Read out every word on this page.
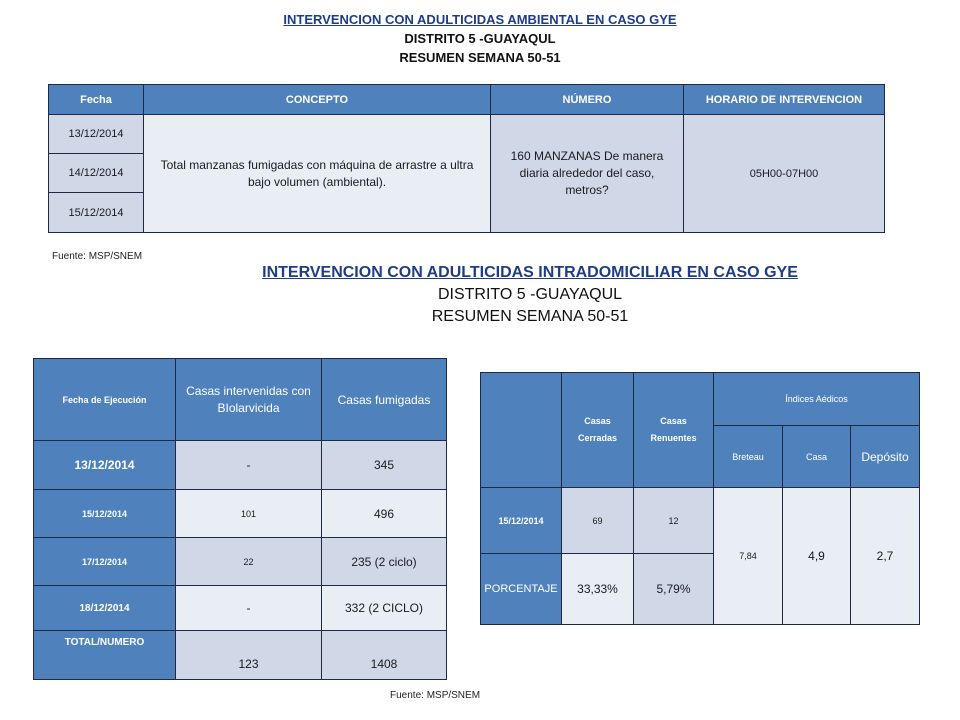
INTERVENCION CON ADULTICIDAS AMBIENTAL EN CASO GYE
DISTRITO 5 -GUAYAQUL
RESUMEN SEMANA 50-51
Fecha	CONCEPTO	NÚMERO	HORARIO DE INTERVENCION
13/12/2014	Total manzanas fumigadas con máquina de arrastre a ultra bajo volumen (ambiental).	160 MANZANAS De manera diaria alrededor del caso, metros?	05H00-07H00
14/12/2014			
15/12/2014			
Fuente: MSP/SNEM
INTERVENCION CON ADULTICIDAS INTRADOMICILIAR EN CASO GYE
DISTRITO 5 -GUAYAQUL
RESUMEN SEMANA 50-51
Fecha de Ejecución	Casas intervenidas con BIolarvicida	Casas fumigadas
13/12/2014	-	345
15/12/2014	101	496
17/12/2014	22	235 (2 ciclo)
18/12/2014	-	332 (2 CICLO)
TOTAL/NUMERO	123	1408
	Casas Cerradas	Casas Renuentes	Índices Aédicos		
			Breteau	Casa	Depósito
15/12/2014	69	12	7,84	4,9	2,7
PORCENTAJE	33,33%	5,79%			
Fuente: MSP/SNEM
